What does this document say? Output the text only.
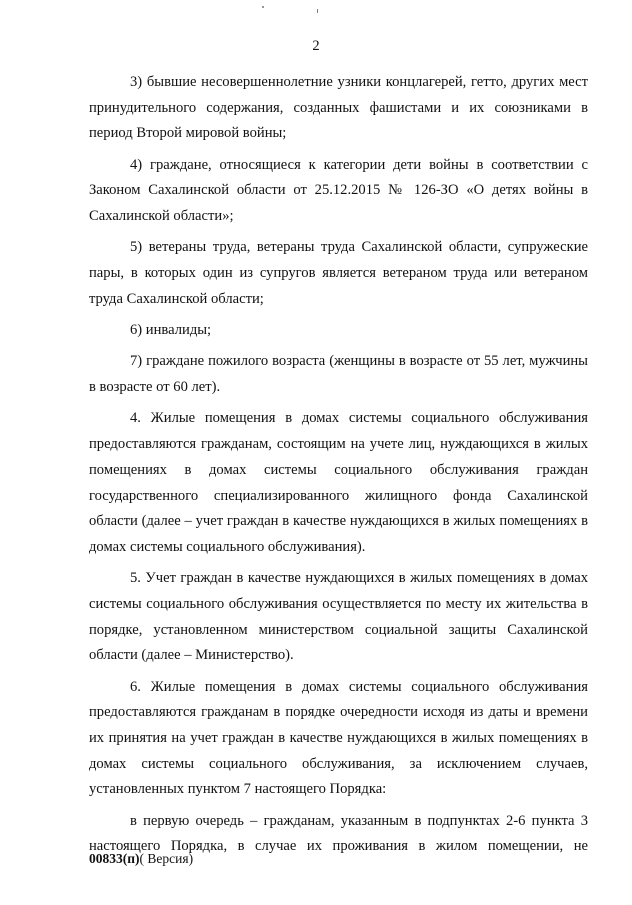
2

3) бывшие несовершеннолетние узники концлагерей, гетто, других мест принудительного содержания, созданных фашистами и их союзниками в период Второй мировой войны;

4) граждане, относящиеся к категории дети войны в соответствии с Законом Сахалинской области от 25.12.2015 № 126-ЗО «О детях войны в Сахалинской области»;

5) ветераны труда, ветераны труда Сахалинской области, супружеские пары, в которых один из супругов является ветераном труда или ветераном труда Сахалинской области;

6) инвалиды;

7) граждане пожилого возраста (женщины в возрасте от 55 лет, мужчины в возрасте от 60 лет).

4. Жилые помещения в домах системы социального обслуживания предоставляются гражданам, состоящим на учете лиц, нуждающихся в жилых помещениях в домах системы социального обслуживания граждан государственного специализированного жилищного фонда Сахалинской области (далее – учет граждан в качестве нуждающихся в жилых помещениях в домах системы социального обслуживания).

5. Учет граждан в качестве нуждающихся в жилых помещениях в домах системы социального обслуживания осуществляется по месту их жительства в порядке, установленном министерством социальной защиты Сахалинской области (далее – Министерство).

6. Жилые помещения в домах системы социального обслуживания предоставляются гражданам в порядке очередности исходя из даты и времени их принятия на учет граждан в качестве нуждающихся в жилых помещениях в домах системы социального обслуживания, за исключением случаев, установленных пунктом 7 настоящего Порядка:

в первую очередь – гражданам, указанным в подпунктах 2-6 пункта 3 настоящего Порядка, в случае их проживания в жилом помещении, не

00833(п)( Версия)
